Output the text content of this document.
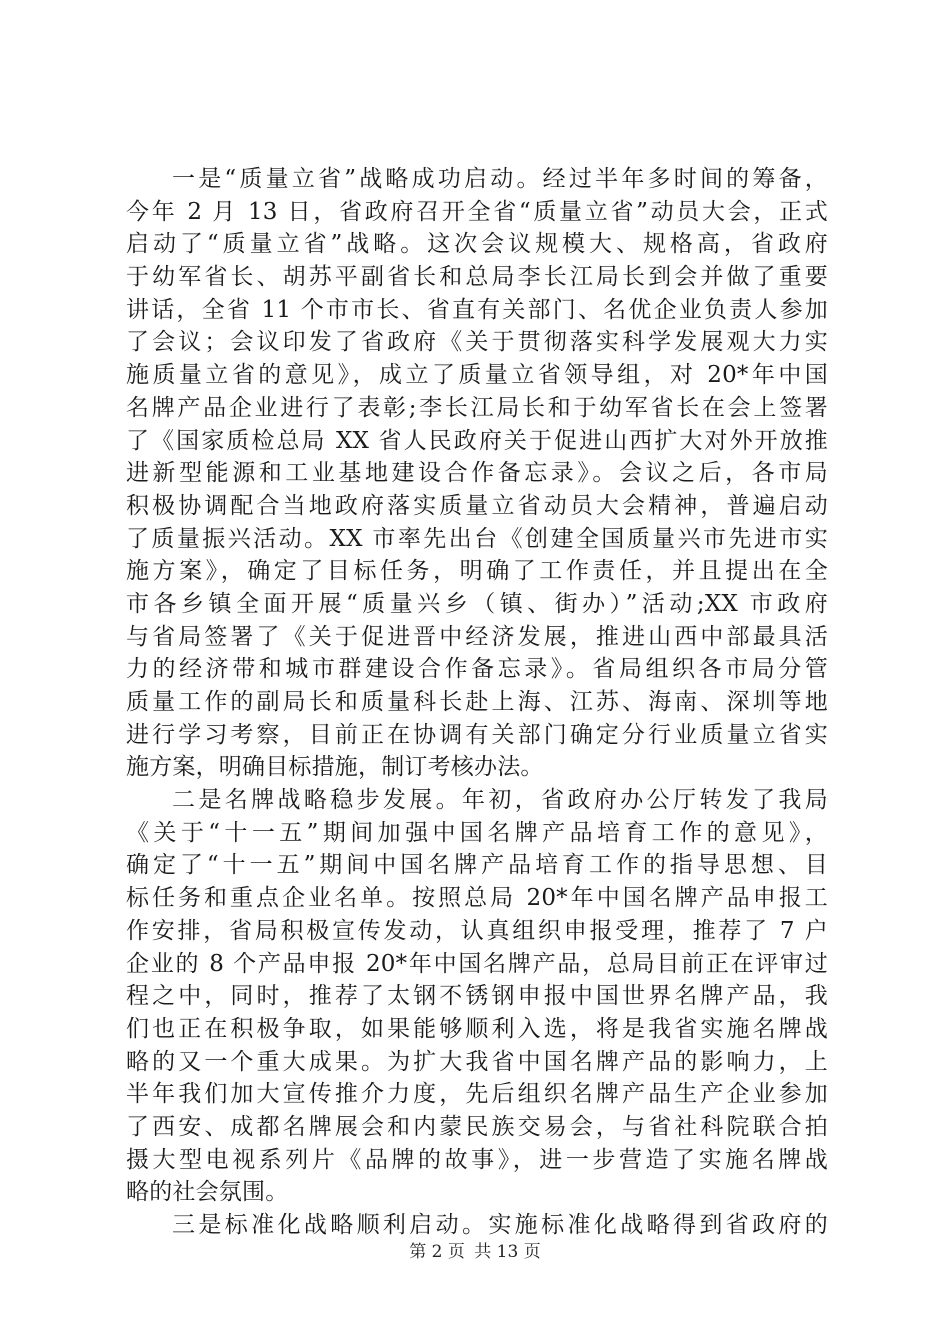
一是“质量立省”战略成功启动。经过半年多时间的筹备，

今年 2 月 13 日，省政府召开全省“质量立省”动员大会，正式

启动了“质量立省”战略。这次会议规模大、规格高，省政府

于幼军省长、胡苏平副省长和总局李长江局长到会并做了重要

讲话，全省 11 个市市长、省直有关部门、名优企业负责人参加

了会议；会议印发了省政府《关于贯彻落实科学发展观大力实

施质量立省的意见》，成立了质量立省领导组，对 20*年中国

名牌产品企业进行了表彰;李长江局长和于幼军省长在会上签署

了《国家质检总局 XX 省人民政府关于促进山西扩大对外开放推

进新型能源和工业基地建设合作备忘录》。会议之后，各市局

积极协调配合当地政府落实质量立省动员大会精神，普遍启动

了质量振兴活动。XX 市率先出台《创建全国质量兴市先进市实

施方案》，确定了目标任务，明确了工作责任，并且提出在全

市各乡镇全面开展“质量兴乡（镇、街办）”活动;XX 市政府

与省局签署了《关于促进晋中经济发展，推进山西中部最具活

力的经济带和城市群建设合作备忘录》。省局组织各市局分管

质量工作的副局长和质量科长赴上海、江苏、海南、深圳等地

进行学习考察，目前正在协调有关部门确定分行业质量立省实

施方案，明确目标措施，制订考核办法。

二是名牌战略稳步发展。年初，省政府办公厅转发了我局

《关于“十一五”期间加强中国名牌产品培育工作的意见》，

确定了“十一五”期间中国名牌产品培育工作的指导思想、目

标任务和重点企业名单。按照总局 20*年中国名牌产品申报工

作安排，省局积极宣传发动，认真组织申报受理，推荐了 7 户

企业的 8 个产品申报 20*年中国名牌产品，总局目前正在评审过

程之中，同时，推荐了太钢不锈钢申报中国世界名牌产品，我

们也正在积极争取，如果能够顺利入选，将是我省实施名牌战

略的又一个重大成果。为扩大我省中国名牌产品的影响力，上

半年我们加大宣传推介力度，先后组织名牌产品生产企业参加

了西安、成都名牌展会和内蒙民族交易会，与省社科院联合拍

摄大型电视系列片《品牌的故事》，进一步营造了实施名牌战

略的社会氛围。

三是标准化战略顺利启动。实施标准化战略得到省政府的

第 2 页 共 13 页
